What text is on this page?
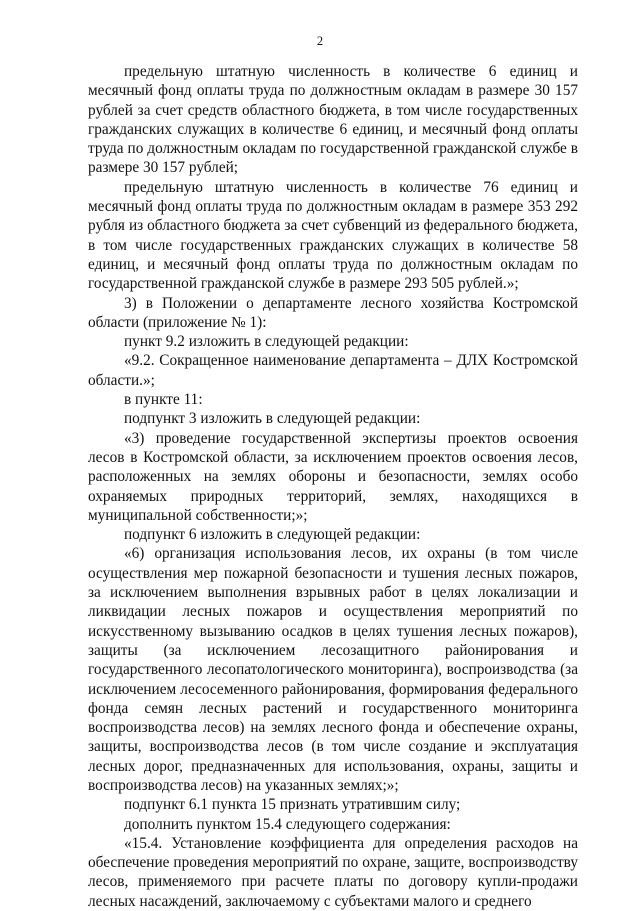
2

предельную штатную численность в количестве 6 единиц и месячный фонд оплаты труда по должностным окладам в размере 30 157 рублей за счет средств областного бюджета, в том числе государственных гражданских служащих в количестве 6 единиц, и месячный фонд оплаты труда по должностным окладам по государственной гражданской службе в размере 30 157 рублей;

предельную штатную численность в количестве 76 единиц и месячный фонд оплаты труда по должностным окладам в размере 353 292 рубля из областного бюджета за счет субвенций из федерального бюджета, в том числе государственных гражданских служащих в количестве 58 единиц, и месячный фонд оплаты труда по должностным окладам по государственной гражданской службе в размере 293 505 рублей.»;

3) в Положении о департаменте лесного хозяйства Костромской области (приложение № 1):

пункт 9.2 изложить в следующей редакции:

«9.2. Сокращенное наименование департамента – ДЛХ Костромской области.»;

в пункте 11:

подпункт 3 изложить в следующей редакции:

«3) проведение государственной экспертизы проектов освоения лесов в Костромской области, за исключением проектов освоения лесов, расположенных на землях обороны и безопасности, землях особо охраняемых природных территорий, землях, находящихся в муниципальной собственности;»;

подпункт 6 изложить в следующей редакции:

«6) организация использования лесов, их охраны (в том числе осуществления мер пожарной безопасности и тушения лесных пожаров, за исключением выполнения взрывных работ в целях локализации и ликвидации лесных пожаров и осуществления мероприятий по искусственному вызыванию осадков в целях тушения лесных пожаров), защиты (за исключением лесозащитного районирования и государственного лесопатологического мониторинга), воспроизводства (за исключением лесосеменного районирования, формирования федерального фонда семян лесных растений и государственного мониторинга воспроизводства лесов) на землях лесного фонда и обеспечение охраны, защиты, воспроизводства лесов (в том числе создание и эксплуатация лесных дорог, предназначенных для использования, охраны, защиты и воспроизводства лесов) на указанных землях;»;

подпункт 6.1 пункта 15 признать утратившим силу;

дополнить пунктом 15.4 следующего содержания:

«15.4. Установление коэффициента для определения расходов на обеспечение проведения мероприятий по охране, защите, воспроизводству лесов, применяемого при расчете платы по договору купли-продажи лесных насаждений, заключаемому с субъектами малого и среднего
